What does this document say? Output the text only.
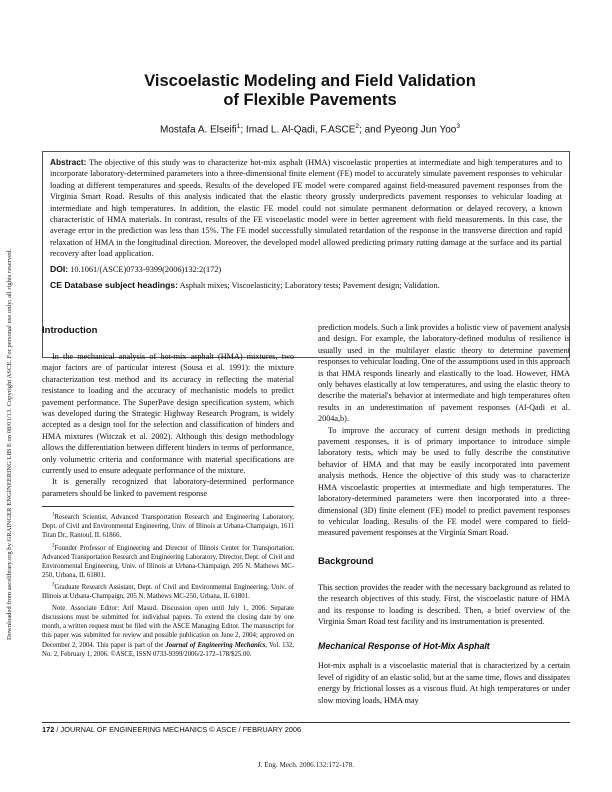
Downloaded from ascelibrary.org by GRAINGER ENGINEERING LIB E on 08/01/13. Copyright ASCE. For personal use only; all rights reserved.
Viscoelastic Modeling and Field Validation
of Flexible Pavements
Mostafa A. Elseifi$^1$; Imad L. Al-Qadi, F.ASCE$^2$; and Pyeong Jun Yoo$^3$

Abstract: The objective of this study was to characterize hot-mix asphalt (HMA) viscoelastic properties at intermediate and high temperatures and to incorporate laboratory-determined parameters into a three-dimensional finite element (FE) model to accurately simulate pavement responses to vehicular loading at different temperatures and speeds. Results of the developed FE model were compared against field-measured pavement responses from the Virginia Smart Road. Results of this analysis indicated that the elastic theory grossly underpredicts pavement responses to vehicular loading at intermediate and high temperatures. In addition, the elastic FE model could not simulate permanent deformation or delayed recovery, a known characteristic of HMA materials. In contrast, results of the FE viscoelastic model were in better agreement with field measurements. In this case, the average error in the prediction was less than 15%. The FE model successfully simulated retardation of the response in the transverse direction and rapid relaxation of HMA in the longitudinal direction. Moreover, the developed model allowed predicting primary rutting damage at the surface and its partial recovery after load application.

DOI: 10.1061/(ASCE)0733-9399(2006)132:2(172)

CE Database subject headings: Asphalt mixes; Viscoelasticity; Laboratory tests; Pavement design; Validation.

Introduction

In the mechanical analysis of hot-mix asphalt (HMA) mixtures, two major factors are of particular interest (Sousa et al. 1991): the mixture characterization test method and its accuracy in reflecting the material resistance to loading and the accuracy of mechanistic models to predict pavement performance. The SuperPave design specification system, which was developed during the Strategic Highway Research Program, is widely accepted as a design tool for the selection and classification of binders and HMA mixtures (Witczak et al. 2002). Although this design methodology allows the differentiation between different binders in terms of performance, only volumetric criteria and conformance with material specifications are currently used to ensure adequate performance of the mixture.

It is generally recognized that laboratory-determined performance parameters should be linked to pavement response

$^1$Research Scientist, Advanced Transportation Research and Engineering Laboratory, Dept. of Civil and Environmental Engineering, Univ. of Illinois at Urbana-Champaign, 1611 Titan Dr., Rantoul, IL 61866.

$^2$Founder Professor of Engineering and Director of Illinois Center for Transportation, Advanced Transportation Research and Engineering Laboratory, Director, Dept. of Civil and Environmental Engineering, Univ. of Illinois at Urbana-Champaign, 205 N. Mathews MC-250, Urbana, IL 61801.

$^3$Graduate Research Assistant, Dept. of Civil and Environmental Engineering, Univ. of Illinois at Urbana-Champaign, 205 N. Mathews MC-250, Urbana, IL 61801.

Note. Associate Editor: Arif Masud. Discussion open until July 1, 2006. Separate discussions must be submitted for individual papers. To extend the closing date by one month, a written request must be filed with the ASCE Managing Editor. The manuscript for this paper was submitted for review and possible publication on June 2, 2004; approved on December 2, 2004. This paper is part of the Journal of Engineering Mechanics, Vol. 132, No. 2, February 1, 2006. ©ASCE, ISSN 0733-9399/2006/2-172–178/$25.00.

prediction models. Such a link provides a holistic view of pavement analysis and design. For example, the laboratory-defined modulus of resilience is usually used in the multilayer elastic theory to determine pavement responses to vehicular loading. One of the assumptions used in this approach is that HMA responds linearly and elastically to the load. However, HMA only behaves elastically at low temperatures, and using the elastic theory to describe the material's behavior at intermediate and high temperatures often results in an underestimation of pavement responses (Al-Qadi et al. 2004a,b).

To improve the accuracy of current design methods in predicting pavement responses, it is of primary importance to introduce simple laboratory tests, which may be used to fully describe the constitutive behavior of HMA and that may be easily incorporated into pavement analysis methods. Hence the objective of this study was to characterize HMA viscoelastic properties at intermediate and high temperatures. The laboratory-determined parameters were then incorporated into a three-dimensional (3D) finite element (FE) model to predict pavement responses to vehicular loading. Results of the FE model were compared to field-measured pavement responses at the Virginia Smart Road.

Background

This section provides the reader with the necessary background as related to the research objectives of this study. First, the viscoelastic nature of HMA and its response to loading is described. Then, a brief overview of the Virginia Smart Road test facility and its instrumentation is presented.

Mechanical Response of Hot-Mix Asphalt

Hot-mix asphalt is a viscoelastic material that is characterized by a certain level of rigidity of an elastic solid, but at the same time, flows and dissipates energy by frictional losses as a viscous fluid. At high temperatures or under slow moving loads, HMA may

172 / JOURNAL OF ENGINEERING MECHANICS © ASCE / FEBRUARY 2006
J. Eng. Mech. 2006.132:172-178.
